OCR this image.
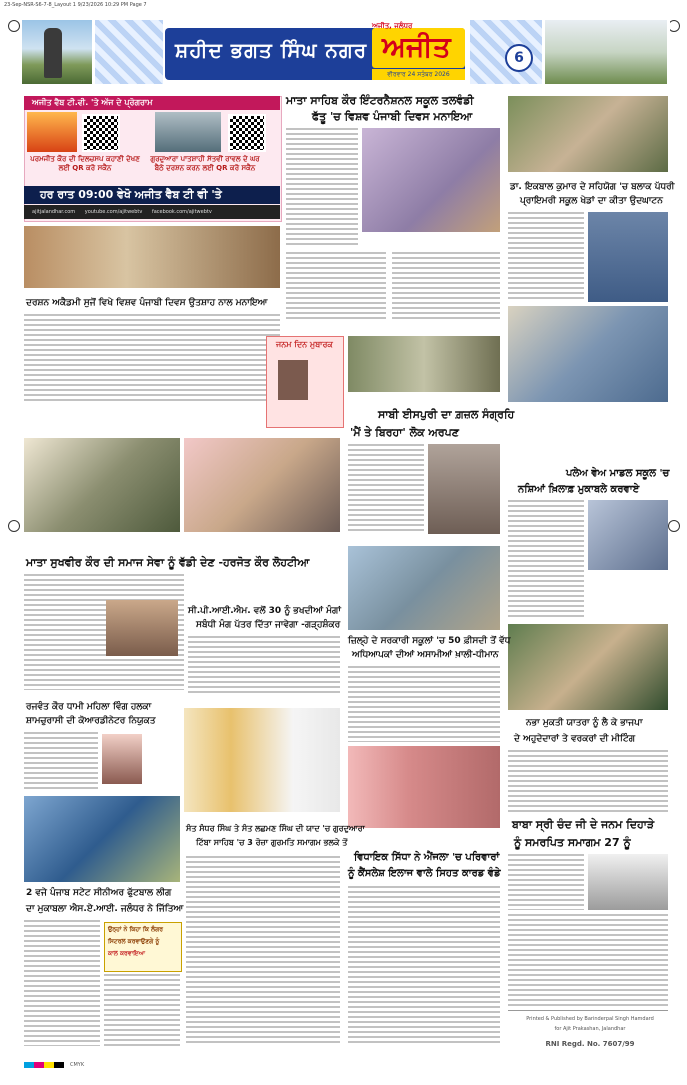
23-Sep-NSR-S6-7-8_Layout 1 9/23/2026 10:29 PM Page 7
ਸ਼ਹੀਦ ਭਗਤ ਸਿੰਘ ਨਗਰ
ਅਜੀਤ, ਜਲੰਧਰ
ਅਜੀਤ
ਵੀਰਵਾਰ 24 ਸਤੰਬਰ 2026
6
ਅਜੀਤ ਵੈਬ ਟੀ.ਵੀ. 'ਤੇ ਅੱਜ ਦੇ ਪ੍ਰੋਗਰਾਮ
ਪਰਮਜੀਤ ਕੌਰ ਦੀ ਦਿਲਚਸਪ ਕਹਾਣੀ ਦੇਖਣ ਲਈ QR ਕਰੋ ਸਕੈਨ
ਗੁਰਦੁਆਰਾ ਪਾਤਸ਼ਾਹੀ ਸੱਤਵੀਂ ਰਾਵਲ ਦੇ ਘਰ ਬੈਠੇ ਦਰਸ਼ਨ ਕਰਨ ਲਈ QR ਕਰੋ ਸਕੈਨ
ਹਰ ਰਾਤ 09:00 ਵੇਖੋ ਅਜੀਤ ਵੈਬ ਟੀ ਵੀ 'ਤੇ
ajitjalandhar.com youtube.com/ajitwebtv facebook.com/ajitwebtv
ਮਾਤਾ ਸਾਹਿਬ ਕੌਰ ਇੰਟਰਨੈਸ਼ਨਲ ਸਕੂਲ ਤਲਵੰਡੀ
ਫੱਤੂ 'ਚ ਵਿਸ਼ਵ ਪੰਜਾਬੀ ਦਿਵਸ ਮਨਾਇਆ
ਡਾ. ਇਕਬਾਲ ਕੁਮਾਰ ਦੇ ਸਹਿਯੋਗ 'ਚ ਬਲਾਕ ਪੱਧਰੀ
ਪ੍ਰਾਇਮਰੀ ਸਕੂਲ ਖੇਡਾਂ ਦਾ ਕੀਤਾ ਉਦਘਾਟਨ
ਦਰਸ਼ਨ ਅਕੈਡਮੀ ਸੁਜੋਂ ਵਿਖੇ ਵਿਸ਼ਵ ਪੰਜਾਬੀ ਦਿਵਸ ਉਤਸ਼ਾਹ ਨਾਲ ਮਨਾਇਆ
ਜਨਮ ਦਿਨ ਮੁਬਾਰਕ
ਸਾਬੀ ਈਸਪੁਰੀ ਦਾ ਗ਼ਜ਼ਲ ਸੰਗ੍ਰਹਿ
'ਮੈਂ ਤੇ ਬਿਰਹਾ' ਲੋਕ ਅਰਪਣ
ਪਲੇਅ ਵੇਅ ਮਾਡਲ ਸਕੂਲ 'ਚ
ਨਸ਼ਿਆਂ ਖ਼ਿਲਾਫ਼ ਮੁਕਾਬਲੇ ਕਰਵਾਏ
ਮਾਤਾ ਸੁਖਵੀਰ ਕੌਰ ਦੀ ਸਮਾਜ ਸੇਵਾ ਨੂੰ ਵੱਡੀ ਦੇਣ -ਹਰਜੋਤ ਕੌਰ ਲੋਹਟੀਆ
ਸੀ.ਪੀ.ਆਈ.ਐਮ. ਵਲੋਂ 30 ਨੂੰ ਭਖਦੀਆਂ ਮੰਗਾਂ
ਸਬੰਧੀ ਮੰਗ ਪੱਤਰ ਦਿੱਤਾ ਜਾਵੇਗਾ -ਗੜ੍ਹਸ਼ੰਕਰ
ਜ਼ਿਲ੍ਹੇ ਦੇ ਸਰਕਾਰੀ ਸਕੂਲਾਂ 'ਚ 50 ਫ਼ੀਸਦੀ ਤੋਂ ਵੱਧ
ਅਧਿਆਪਕਾਂ ਦੀਆਂ ਅਸਾਮੀਆਂ ਖ਼ਾਲੀ-ਧੀਮਾਨ
ਨਭਾ ਮੁਕਤੀ ਯਾਤਰਾ ਨੂੰ ਲੈ ਕੇ ਭਾਜਪਾ
ਦੇ ਅਹੁਦੇਦਾਰਾਂ ਤੇ ਵਰਕਰਾਂ ਦੀ ਮੀਟਿੰਗ
ਰਜਵੰਤ ਕੌਰ ਧਾਮੀ ਮਹਿਲਾ ਵਿੰਗ ਹਲਕਾ
ਸ਼ਾਮਚੁਰਾਸੀ ਦੀ ਕੋਆਰਡੀਨੇਟਰ ਨਿਯੁਕਤ
ਬਾਬਾ ਸ੍ਰੀ ਚੰਦ ਜੀ ਦੇ ਜਨਮ ਦਿਹਾੜੇ
ਨੂੰ ਸਮਰਪਿਤ ਸਮਾਗਮ 27 ਨੂੰ
ਵਿਧਾਇਕ ਸਿੱਧਾ ਨੇ ਐਂਜਲਾ 'ਚ ਪਰਿਵਾਰਾਂ
ਨੂੰ ਕੈਂਸਲੇਸ਼ ਇਲਾਜ ਵਾਲੇ ਸਿਹਤ ਕਾਰਡ ਵੰਡੇ
ਸੰਤ ਸੰਧਰ ਸਿੰਘ ਤੇ ਸੰਤ ਲਛਮਣ ਸਿੰਘ ਦੀ ਯਾਦ 'ਚ ਗੁਰਦੁਆਰਾ
ਟਿੱਬਾ ਸਾਹਿਬ 'ਚ 3 ਰੋਜ਼ਾ ਗੁਰਮਤਿ ਸਮਾਗਮ ਭਲਕੇ ਤੋਂ
2 ਵਜੇ ਪੰਜਾਬ ਸਟੇਟ ਸੀਨੀਅਰ ਫੁੱਟਬਾਲ ਲੀਗ
ਦਾ ਮੁਕਾਬਲਾ ਐਸ.ਏ.ਆਈ. ਜਲੰਧਰ ਨੇ ਜਿੱਤਿਆ
ਉਨ੍ਹਾਂ ਨੇ ਕਿਹਾ ਕਿ ਲੰਗਰ
ਸਿਟਰਲ ਕਰਵਾਉਣਗੇ ਨੂੰ
ਕਾਲ ਕਰਵਾਇਆ
Printed & Published by Barinderpal Singh Hamdard
for Ajit Prakashan, Jalandhar
RNI Regd. No. 7607/99
CMYK
